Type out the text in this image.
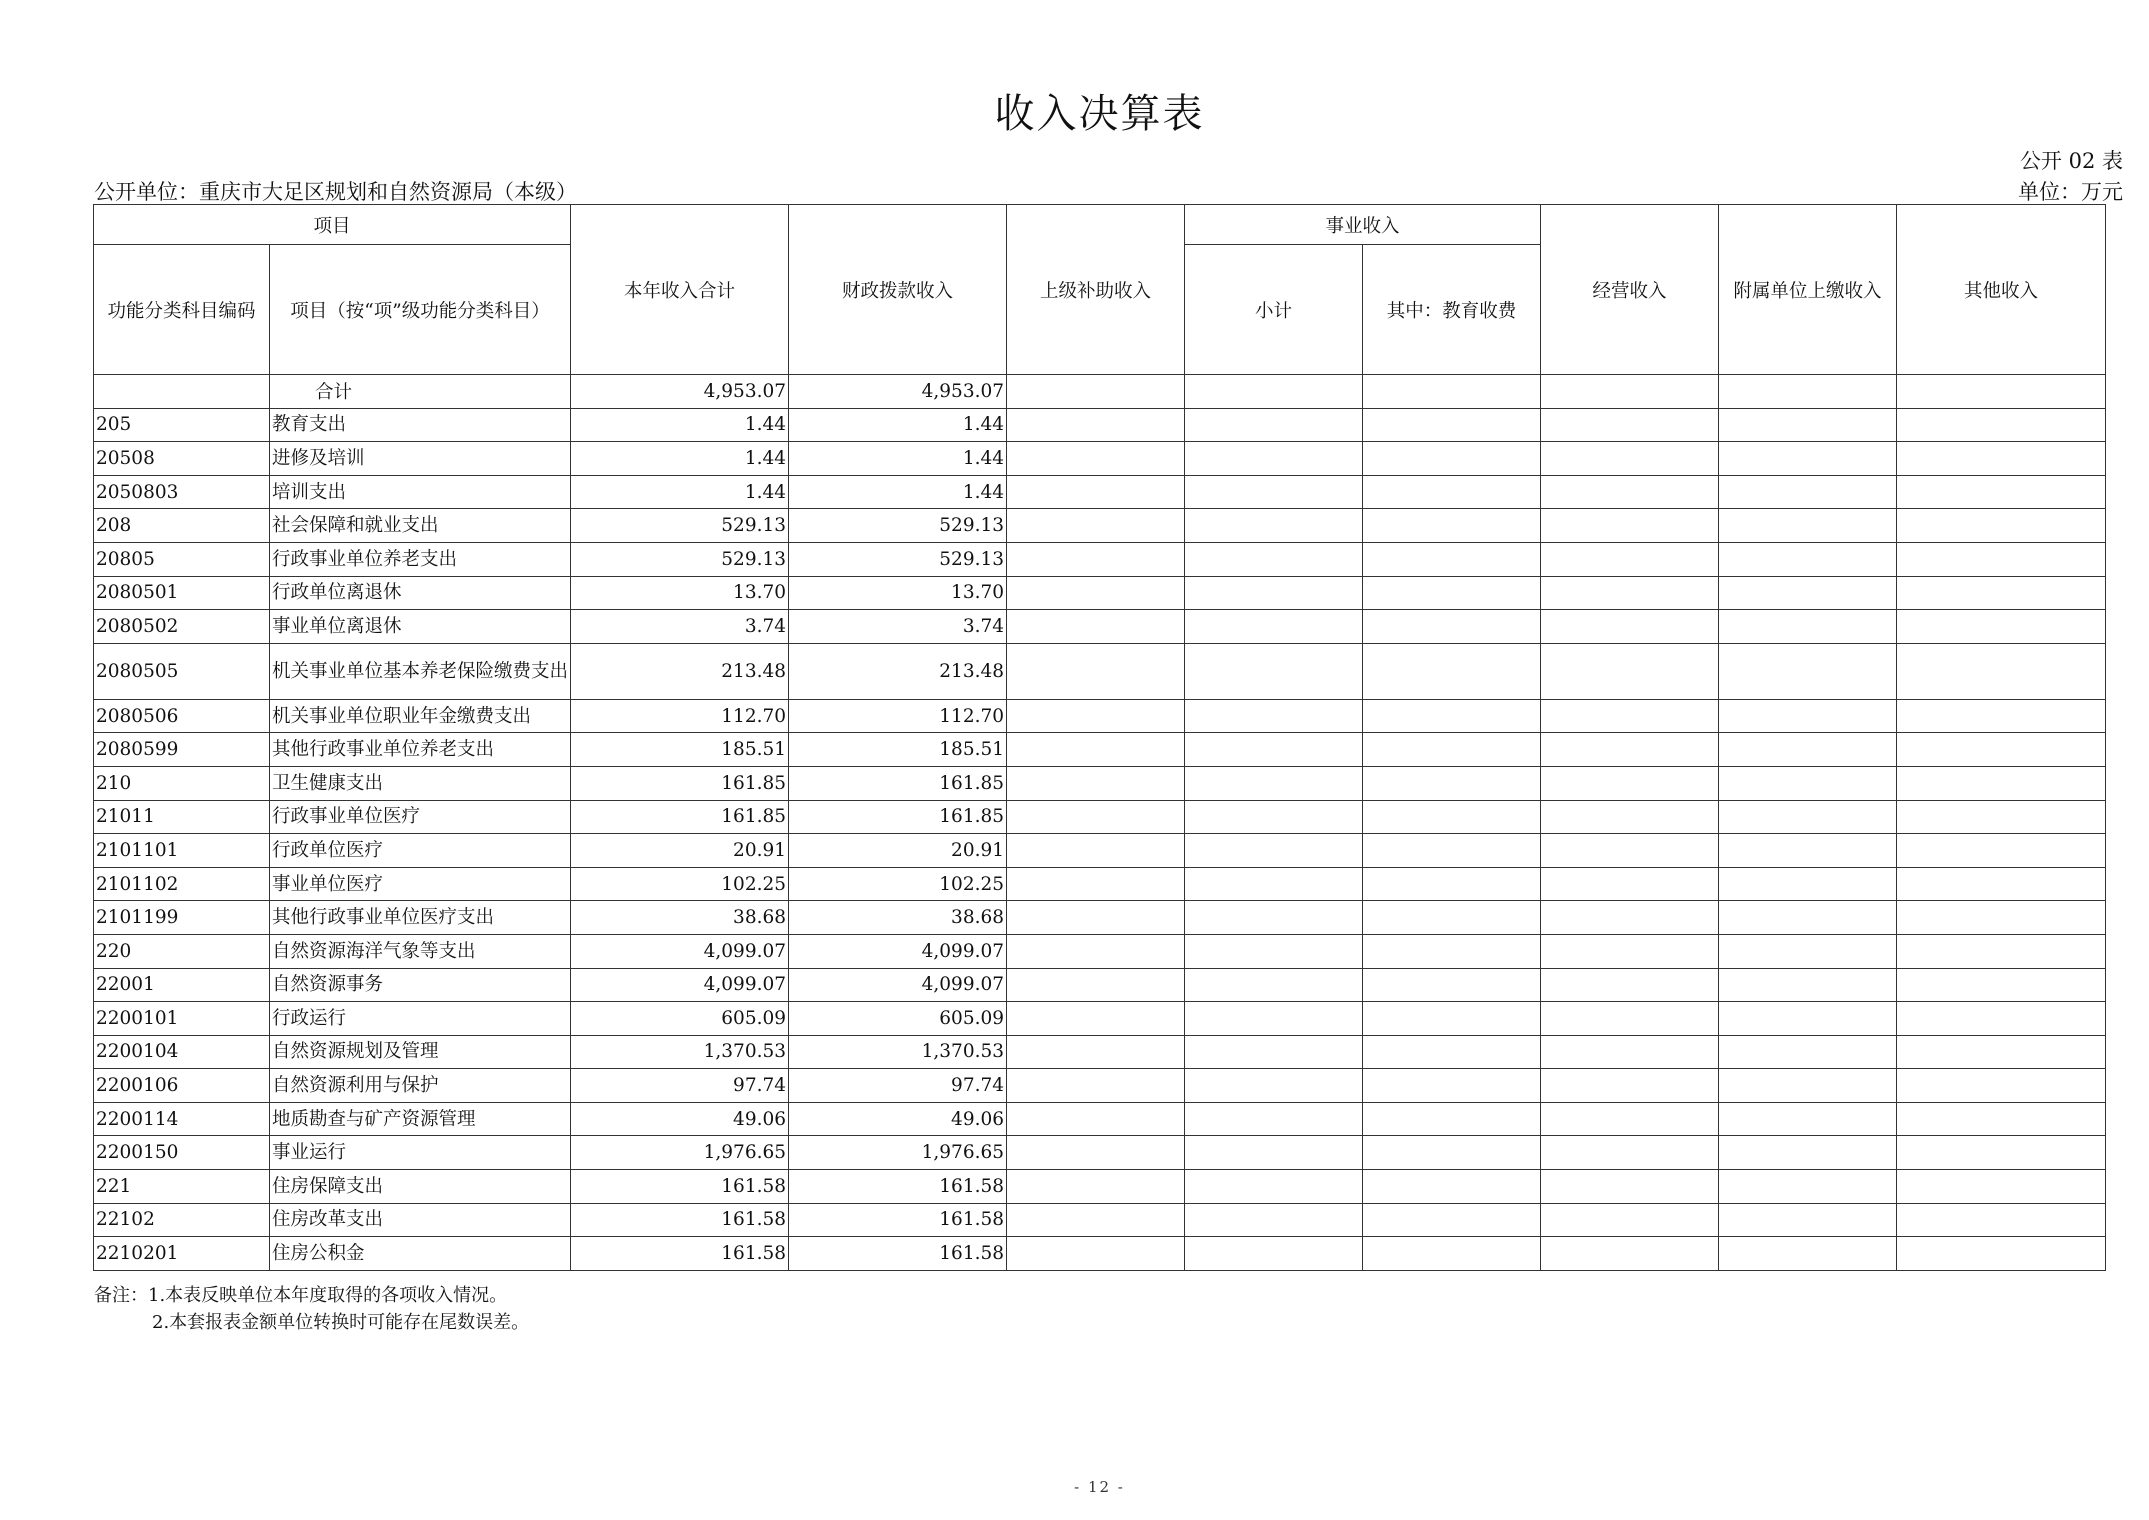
收入决算表
公开 02 表
公开单位：重庆市大足区规划和自然资源局（本级）	单位：万元
项目		本年收入合计	财政拨款收入	上级补助收入	事业收入		经营收入	附属单位上缴收入	其他收入
功能分类科目编码	项目（按“项”级功能分类科目）				小计	其中：教育收费			
	合计	4,953.07	4,953.07						
205	教育支出	1.44	1.44						
20508	进修及培训	1.44	1.44						
2050803	培训支出	1.44	1.44						
208	社会保障和就业支出	529.13	529.13						
20805	行政事业单位养老支出	529.13	529.13						
2080501	行政单位离退休	13.70	13.70						
2080502	事业单位离退休	3.74	3.74						
2080505	机关事业单位基本养老保险缴费支出	213.48	213.48						
2080506	机关事业单位职业年金缴费支出	112.70	112.70						
2080599	其他行政事业单位养老支出	185.51	185.51						
210	卫生健康支出	161.85	161.85						
21011	行政事业单位医疗	161.85	161.85						
2101101	行政单位医疗	20.91	20.91						
2101102	事业单位医疗	102.25	102.25						
2101199	其他行政事业单位医疗支出	38.68	38.68						
220	自然资源海洋气象等支出	4,099.07	4,099.07						
22001	自然资源事务	4,099.07	4,099.07						
2200101	行政运行	605.09	605.09						
2200104	自然资源规划及管理	1,370.53	1,370.53						
2200106	自然资源利用与保护	97.74	97.74						
2200114	地质勘查与矿产资源管理	49.06	49.06						
2200150	事业运行	1,976.65	1,976.65						
221	住房保障支出	161.58	161.58						
22102	住房改革支出	161.58	161.58						
2210201	住房公积金	161.58	161.58						
备注：1.本表反映单位本年度取得的各项收入情况。
2.本套报表金额单位转换时可能存在尾数误差。
- 12 -
